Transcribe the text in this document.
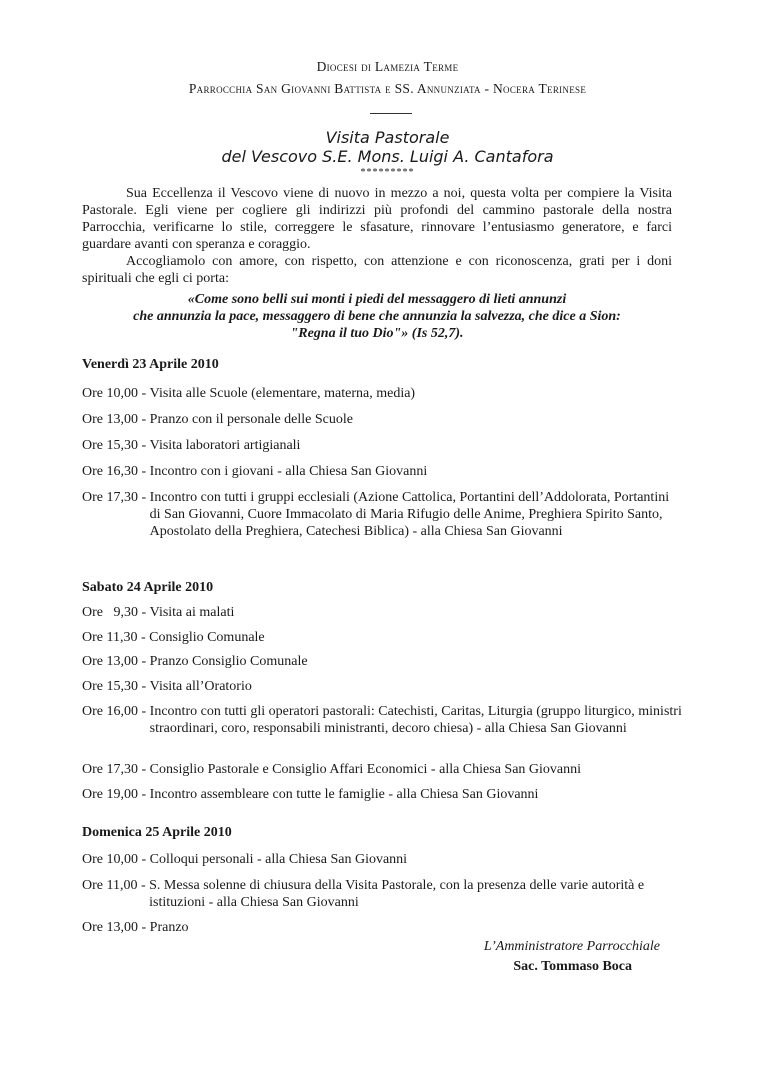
Diocesi di Lamezia Terme
Parrocchia San Giovanni Battista e SS. Annunziata - Nocera Terinese
Visita Pastorale
del Vescovo S.E. Mons. Luigi A. Cantafora
*********

Sua Eccellenza il Vescovo viene di nuovo in mezzo a noi, questa volta per compiere la Visita Pastorale. Egli viene per cogliere gli indirizzi più profondi del cammino pastorale della nostra Parrocchia, verificarne lo stile, correggere le sfasature, rinnovare l’entusiasmo generatore, e farci guardare avanti con speranza e coraggio.

Accogliamolo con amore, con rispetto, con attenzione e con riconoscenza, grati per i doni spirituali che egli ci porta:

«Come sono belli sui monti i piedi del messaggero di lieti annunzi
che annunzia la pace, messaggero di bene che annunzia la salvezza, che dice a Sion:
"Regna il tuo Dio"» (Is 52,7).
Venerdì 23 Aprile 2010
Ore 10,00 - Visita alle Scuole (elementare, materna, media)
Ore 13,00 - Pranzo con il personale delle Scuole
Ore 15,30 - Visita laboratori artigianali
Ore 16,30 - Incontro con i giovani - alla Chiesa San Giovanni
Ore 17,30 - Incontro con tutti i gruppi ecclesiali (Azione Cattolica, Portantini dell’Addolorata, Portantini di San Giovanni, Cuore Immacolato di Maria Rifugio delle Anime, Preghiera Spirito Santo, Apostolato della Preghiera, Catechesi Biblica) - alla Chiesa San Giovanni
Sabato 24 Aprile 2010
Ore   9,30 - Visita ai malati
Ore 11,30 - Consiglio Comunale
Ore 13,00 - Pranzo Consiglio Comunale
Ore 15,30 - Visita all’Oratorio
Ore 16,00 - Incontro con tutti gli operatori pastorali: Catechisti, Caritas, Liturgia (gruppo liturgico, ministri straordinari, coro, responsabili ministranti, decoro chiesa) - alla Chiesa San Giovanni
Ore 17,30 - Consiglio Pastorale e Consiglio Affari Economici - alla Chiesa San Giovanni
Ore 19,00 - Incontro assembleare con tutte le famiglie - alla Chiesa San Giovanni
Domenica 25 Aprile 2010
Ore 10,00 - Colloqui personali - alla Chiesa San Giovanni
Ore 11,00 - S. Messa solenne di chiusura della Visita Pastorale, con la presenza delle varie autorità e istituzioni - alla Chiesa San Giovanni
Ore 13,00 - Pranzo
L’Amministratore Parrocchiale
Sac. Tommaso Boca
